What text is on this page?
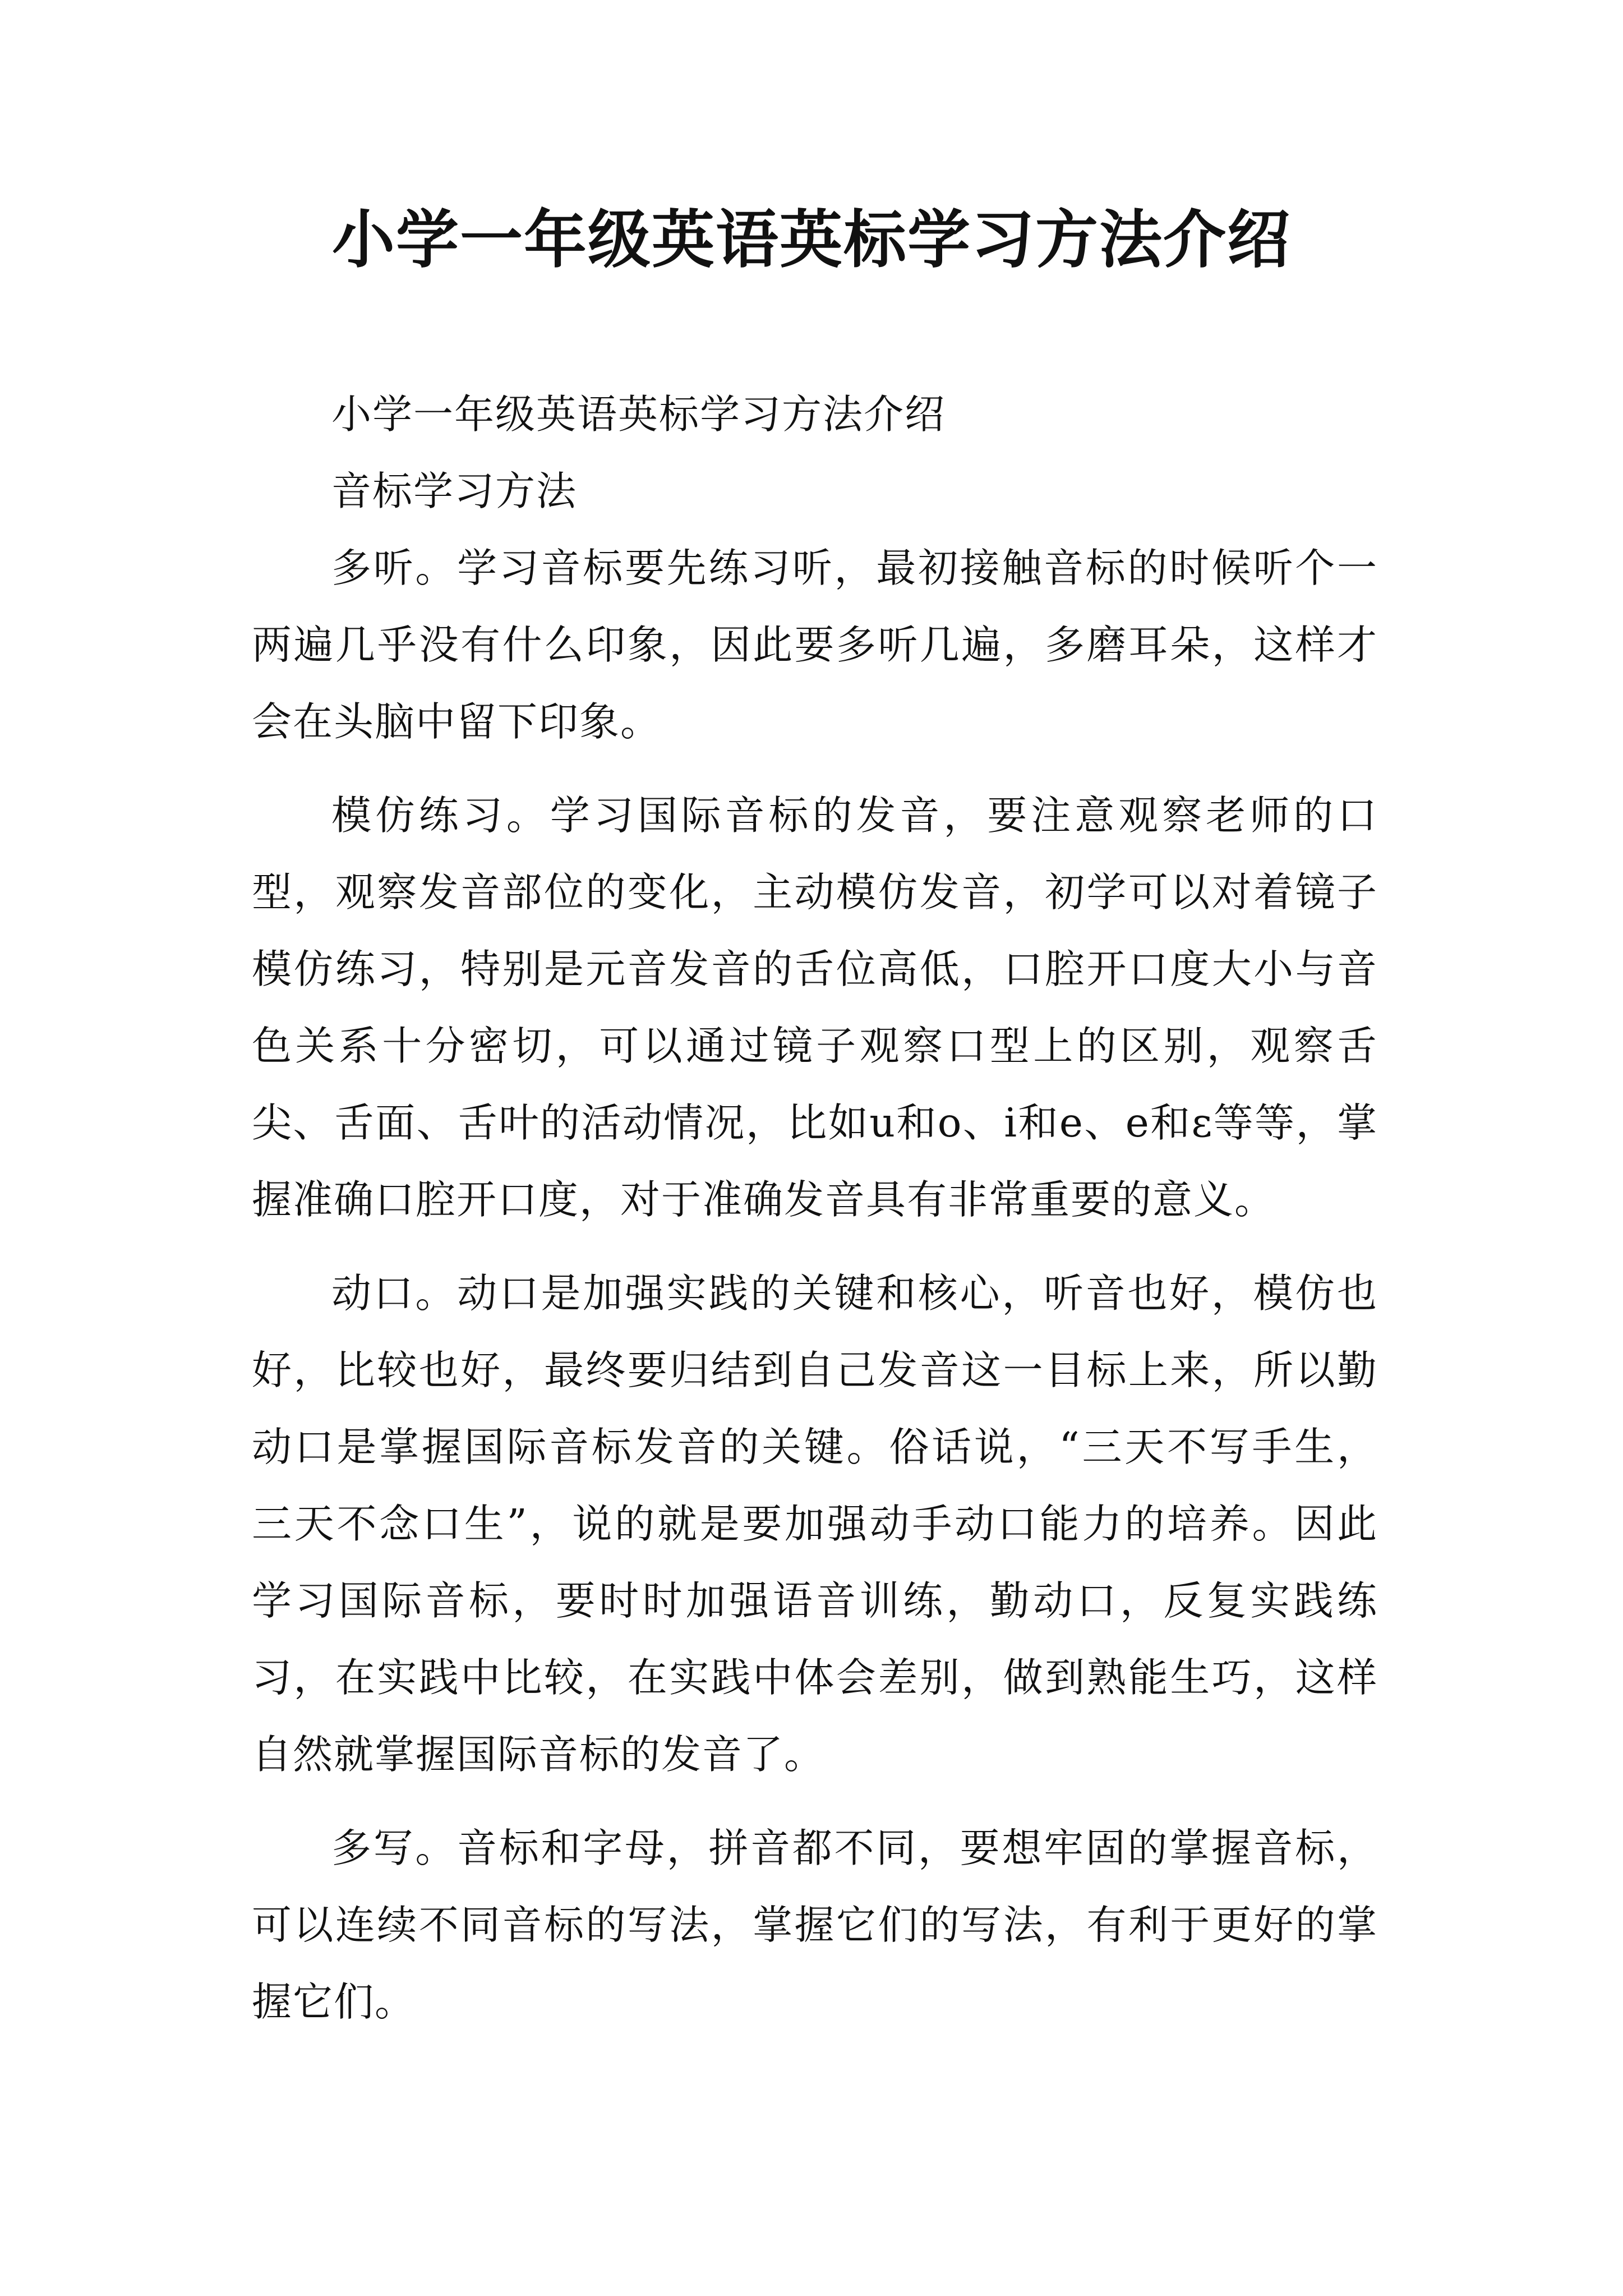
小学一年级英语英标学习方法介绍

小学一年级英语英标学习方法介绍

音标学习方法

多听。学习音标要先练习听，最初接触音标的时候听个一两遍几乎没有什么印象，因此要多听几遍，多磨耳朵，这样才会在头脑中留下印象。

模仿练习。学习国际音标的发音，要注意观察老师的口型，观察发音部位的变化，主动模仿发音，初学可以对着镜子模仿练习，特别是元音发音的舌位高低，口腔开口度大小与音色关系十分密切，可以通过镜子观察口型上的区别，观察舌尖、舌面、舌叶的活动情况，比如u和o、i和e、e和ε等等，掌握准确口腔开口度，对于准确发音具有非常重要的意义。

动口。动口是加强实践的关键和核心，听音也好，模仿也好，比较也好，最终要归结到自己发音这一目标上来，所以勤动口是掌握国际音标发音的关键。俗话说，“三天不写手生，三天不念口生”，说的就是要加强动手动口能力的培养。因此学习国际音标，要时时加强语音训练，勤动口，反复实践练习，在实践中比较，在实践中体会差别，做到熟能生巧，这样自然就掌握国际音标的发音了。

多写。音标和字母，拼音都不同，要想牢固的掌握音标，可以连续不同音标的写法，掌握它们的写法，有利于更好的掌握它们。
